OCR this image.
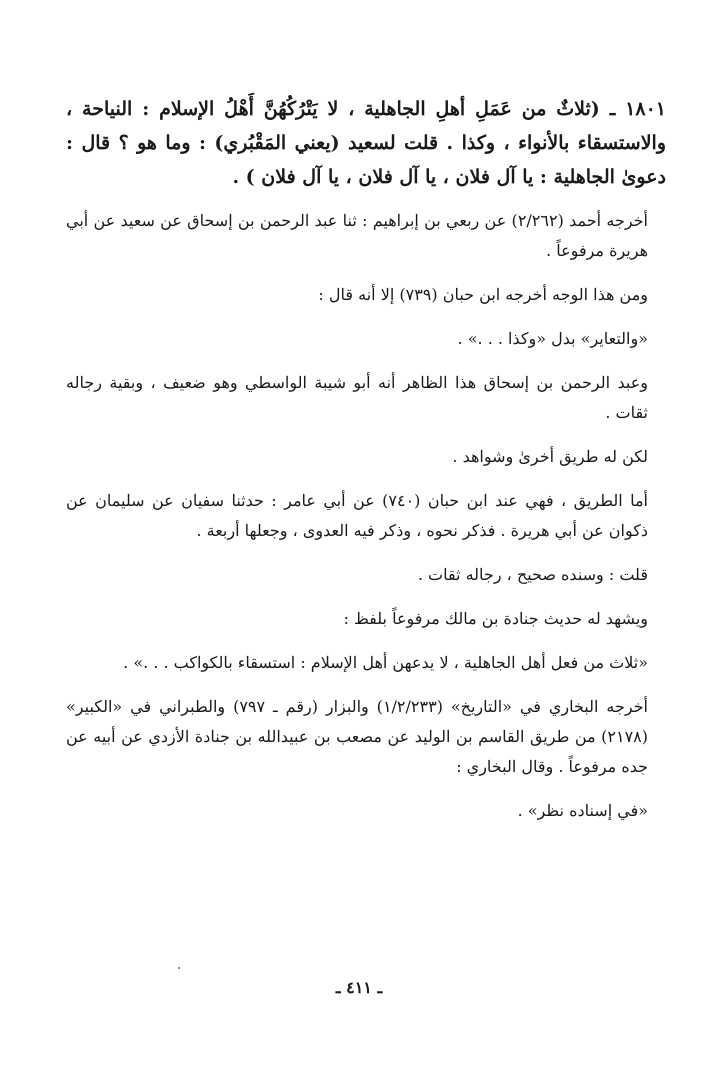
١٨٠١ ـ (ثلاثٌ من عَمَلِ أهلِ الجاهلية ، لا يَتْرُكُهُنَّ أَهْلُ الإسلام : النياحة ، والاستسقاء بالأنواء ، وكذا . قلت لسعيد (يعني المَقْبُري) : وما هو ؟ قال : دعوىٰ الجاهلية : يا آل فلان ، يا آل فلان ، يا آل فلان ) .

أخرجه أحمد (٢/٢٦٢) عن ربعي بن إبراهيم : ثنا عبد الرحمن بن إسحاق عن سعيد عن أبي هريرة مرفوعاً .

ومن هذا الوجه أخرجه ابن حبان (٧٣٩) إلا أنه قال :

«والتعاير» بدل «وكذا . . .» .

وعبد الرحمن بن إسحاق هذا الظاهر أنه أبو شيبة الواسطي وهو ضعيف ، وبقية رجاله ثقات .

لكن له طريق أخرىٰ وشواهد .

أما الطريق ، فهي عند ابن حبان (٧٤٠) عن أبي عامر : حدثنا سفيان عن سليمان عن ذكوان عن أبي هريرة . فذكر نحوه ، وذكر فيه العدوى ، وجعلها أربعة .

قلت : وسنده صحيح ، رجاله ثقات .

ويشهد له حديث جنادة بن مالك مرفوعاً بلفظ :

«ثلاث من فعل أهل الجاهلية ، لا يدعهن أهل الإسلام : استسقاء بالكواكب . . .» .

أخرجه البخاري في «التاريخ» (١/٢/٢٣٣) والبزار (رقم ـ ٧٩٧) والطبراني في «الكبير» (٢١٧٨) من طريق القاسم بن الوليد عن مصعب بن عبيدالله بن جنادة الأزدي عن أبيه عن جده مرفوعاً . وقال البخاري :

«في إسناده نظر» .

ـ ٤١١ ـ
